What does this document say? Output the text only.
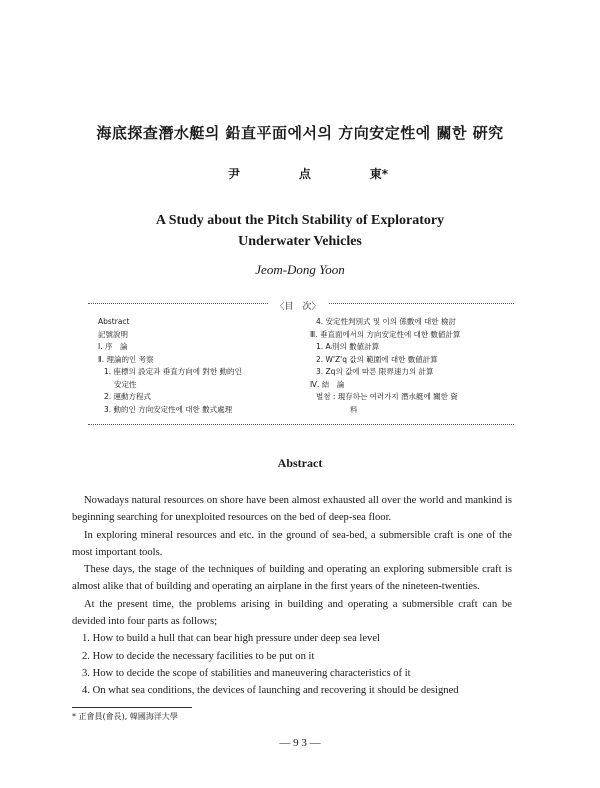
海底探查潛水艇의 鉛直平面에서의 方向安定性에 關한 硏究
尹	点	東*
A Study about the Pitch Stability of Exploratory
Underwater Vehicles
Jeom-Dong Yoon
〈目　次〉
Abstract
記號說明
Ⅰ. 序　論
Ⅱ. 理論的인 考察
1. 座標의 設定과 垂直方向에 對한 動的인
安定性
2. 運動方程式
3. 動的인 方向安定性에 대한 數式處理
4. 安定性判別式 및 이의 係數에 대한 檢討
Ⅲ. 垂直面에서의 方向安定性에 대한 數値計算
1. Aᵢ別의 數値計算
2. W'Z'q 값의 範圍에 대한 數値計算
3. Zq의 값에 따른 限界速力의 計算
Ⅳ. 結　論
별첨 : 現存하는 여러가지 潛水艇에 關한 資
料
Abstract

Nowadays natural resources on shore have been almost exhausted all over the world and mankind is beginning searching for unexploited resources on the bed of deep-sea floor.

In exploring mineral resources and etc. in the ground of sea-bed, a submersible craft is one of the most important tools.

These days, the stage of the techniques of building and operating an exploring submersible craft is almost alike that of building and operating an airplane in the first years of the nineteen-twenties.

At the present time, the problems arising in building and operating a submersible craft can be devided into four parts as follows;

1. How to build a hull that can bear high pressure under deep sea level

2. How to decide the necessary facilities to be put on it

3. How to decide the scope of stabilities and maneuvering characteristics of it

4. On what sea conditions, the devices of launching and recovering it should be designed

* 正會員(會長), 韓國海洋大學
— 9 3 —
